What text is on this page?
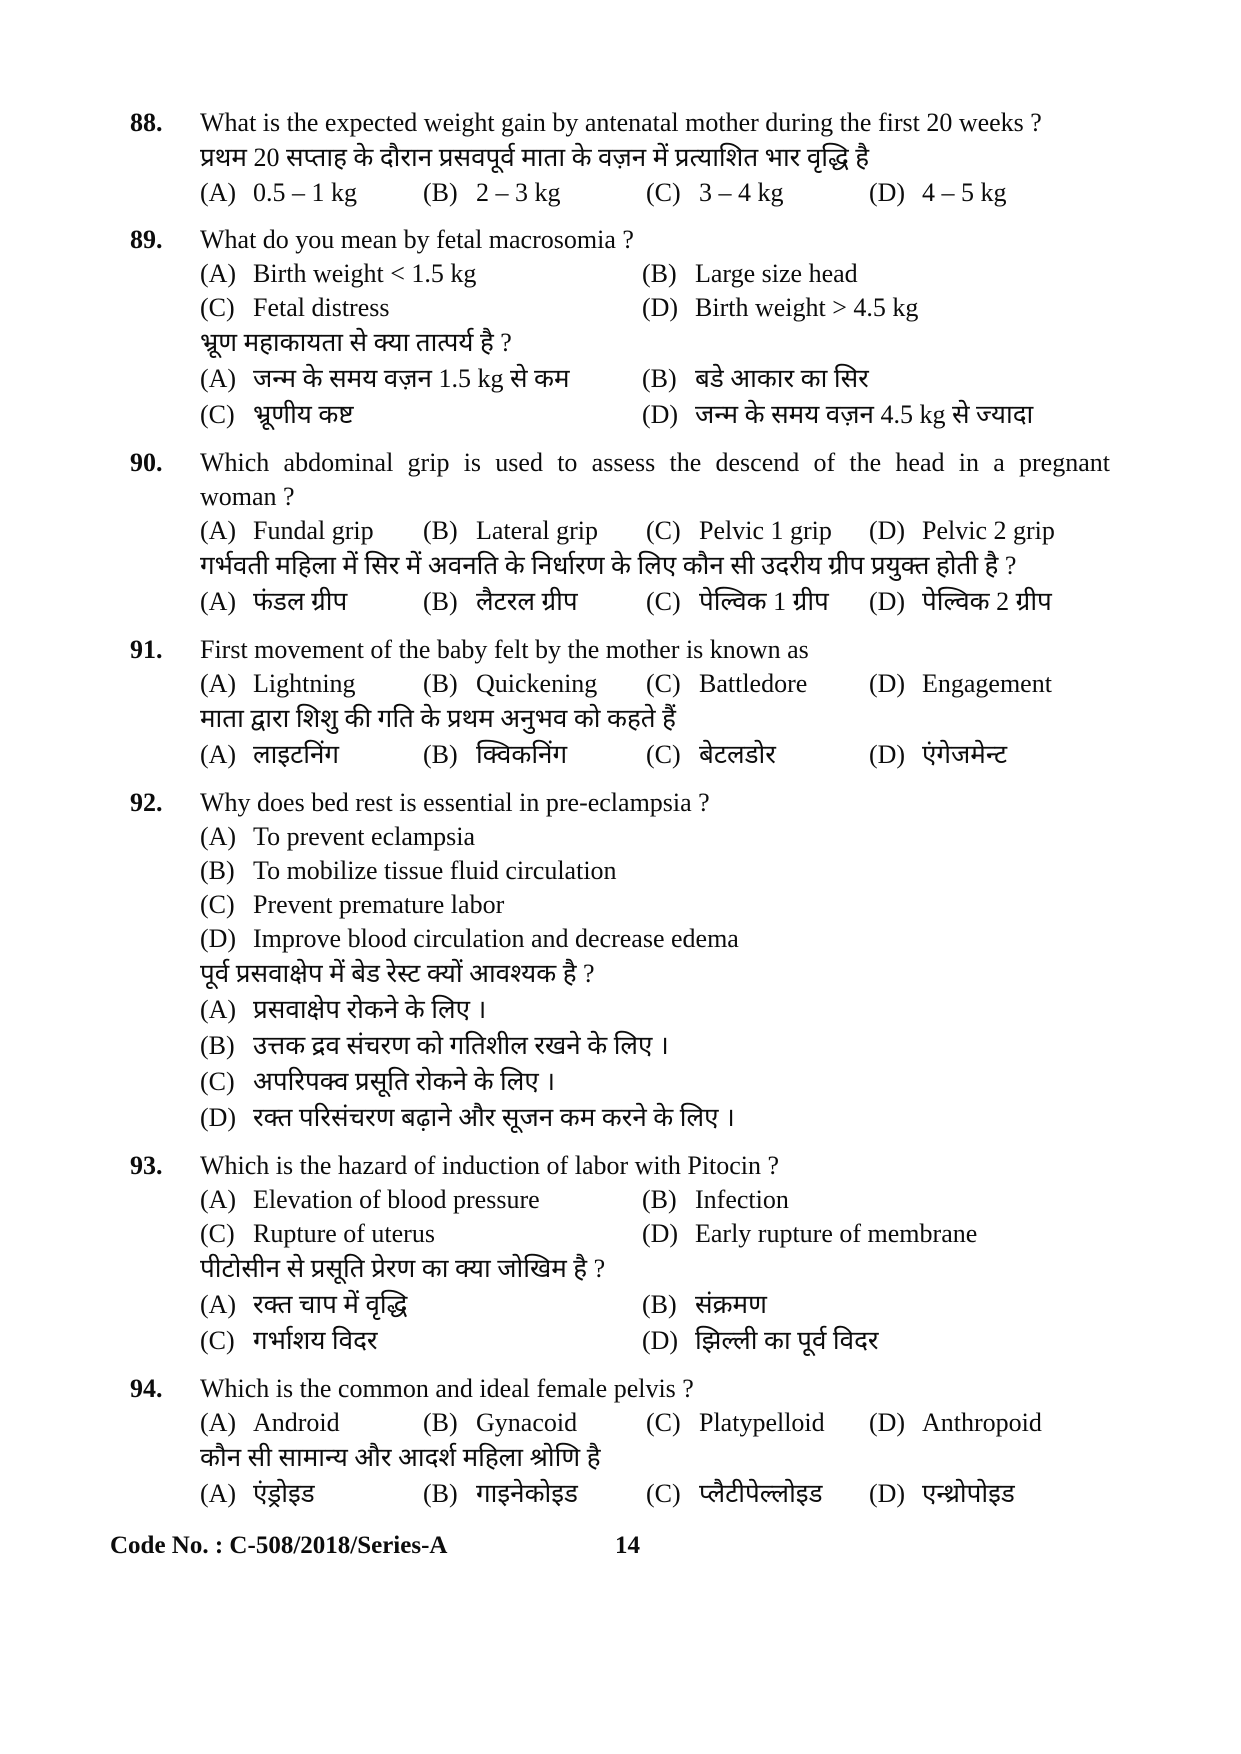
88. What is the expected weight gain by antenatal mother during the first 20 weeks ?
प्रथम 20 सप्ताह के दौरान प्रसवपूर्व माता के वज़न में प्रत्याशित भार वृद्धि है
(A) 0.5 – 1 kg	(B) 2 – 3 kg	(C) 3 – 4 kg	(D) 4 – 5 kg
89. What do you mean by fetal macrosomia ?
(A) Birth weight < 1.5 kg	(B) Large size head
(C) Fetal distress	(D) Birth weight > 4.5 kg
भ्रूण महाकायता से क्या तात्पर्य है ?
(A) जन्म के समय वज़न 1.5 kg से कम	(B) बडे आकार का सिर
(C) भ्रूणीय कष्ट	(D) जन्म के समय वज़न 4.5 kg से ज्यादा
90. Which abdominal grip is used to assess the descend of the head in a pregnant
woman ?
(A) Fundal grip	(B) Lateral grip	(C) Pelvic 1 grip	(D) Pelvic 2 grip
गर्भवती महिला में सिर में अवनति के निर्धारण के लिए कौन सी उदरीय ग्रीप प्रयुक्त होती है ?
(A) फंडल ग्रीप	(B) लैटरल ग्रीप	(C) पेल्विक 1 ग्रीप	(D) पेल्विक 2 ग्रीप
91. First movement of the baby felt by the mother is known as
(A) Lightning	(B) Quickening	(C) Battledore	(D) Engagement
माता द्वारा शिशु की गति के प्रथम अनुभव को कहते हैं
(A) लाइटनिंग	(B) क्विकनिंग	(C) बेटलडोर	(D) एंगेजमेन्ट
92. Why does bed rest is essential in pre-eclampsia ?
(A) To prevent eclampsia
(B) To mobilize tissue fluid circulation
(C) Prevent premature labor
(D) Improve blood circulation and decrease edema
पूर्व प्रसवाक्षेप में बेड रेस्ट क्यों आवश्यक है ?
(A) प्रसवाक्षेप रोकने के लिए ।
(B) उत्तक द्रव संचरण को गतिशील रखने के लिए ।
(C) अपरिपक्व प्रसूति रोकने के लिए ।
(D) रक्त परिसंचरण बढ़ाने और सूजन कम करने के लिए ।
93. Which is the hazard of induction of labor with Pitocin ?
(A) Elevation of blood pressure	(B) Infection
(C) Rupture of uterus	(D) Early rupture of membrane
पीटोसीन से प्रसूति प्रेरण का क्या जोखिम है ?
(A) रक्त चाप में वृद्धि	(B) संक्रमण
(C) गर्भाशय विदर	(D) झिल्ली का पूर्व विदर
94. Which is the common and ideal female pelvis ?
(A) Android	(B) Gynacoid	(C) Platypelloid	(D) Anthropoid
कौन सी सामान्य और आदर्श महिला श्रोणि है
(A) एंड्रोइड	(B) गाइनेकोइड	(C) प्लैटीपेल्लोइड	(D) एन्थ्रोपोइड
Code No. : C-508/2018/Series-A	14
